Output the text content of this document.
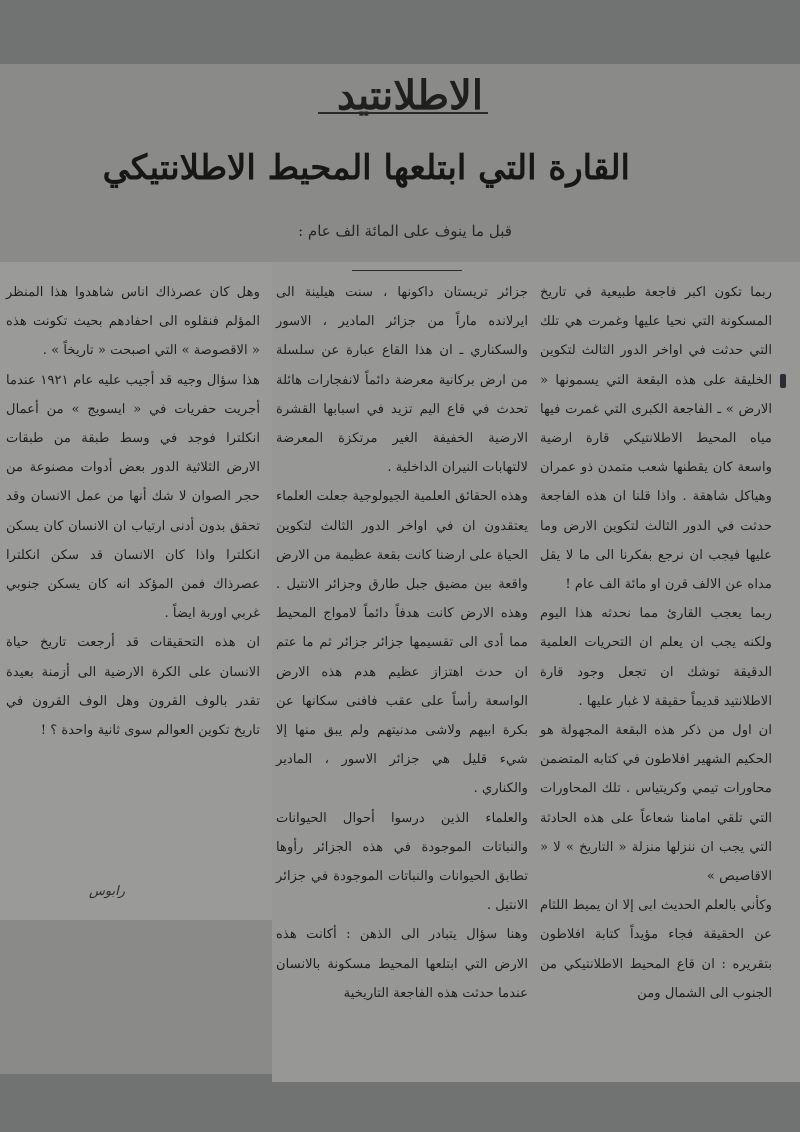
الاطلانتيد
القارة التي ابتلعها المحيط الاطلانتيكي
قبل ما ينوف على المائة الف عام :

ربما تكون اكبر فاجعة طبيعية في تاريخ المسكونة التي نحيا عليها وغمرت هي تلك التي حدثت في اواخر الدور الثالث لتكوين الخليقة على هذه البقعة التي يسمونها « الارض » ـ الفاجعة الكبرى التي غمرت فيها مياه المحيط الاطلانتيكي قارة ارضية واسعة كان يقطنها شعب متمدن ذو عمران وهياكل شاهقة . واذا قلنا ان هذه الفاجعة حدثت في الدور الثالث لتكوين الارض وما عليها فيجب ان نرجع بفكرنا الى ما لا يقل مداه عن الالف قرن او مائة الف عام !

ربما يعجب القارئ مما نحدثه هذا اليوم ولكنه يجب ان يعلم ان التحريات العلمية الدقيقة توشك ان تجعل وجود قارة الاطلانتيد قديماً حقيقة لا غبار عليها .

ان اول من ذكر هذه البقعة المجهولة هو الحكيم الشهير افلاطون في كتابه المتضمن محاورات تيمي وكريتياس . تلك المحاورات التي تلقي امامنا شعاعاً على هذه الحادثة التي يجب ان ننزلها منزلة « التاريخ » لا « الاقاصيص »

وكأني بالعلم الحديث ابى إلا ان يميط اللثام عن الحقيقة فجاء مؤيداً كتابة افلاطون بتقريره : ان قاع المحيط الاطلانتيكي من الجنوب الى الشمال ومن

جزائر تريستان داكونها ، سنت هيلينة الى ايرلانده ماراً من جزائر المادير ، الاسور والسكناري ـ ان هذا القاع عبارة عن سلسلة من ارض بركانية معرضة دائماً لانفجارات هائلة تحدث في قاع اليم تزيد في اسبابها القشرة الارضية الخفيفة الغير مرتكزة المعرضة لالتهابات النيران الداخلية .

وهذه الحقائق العلمية الجيولوجية جعلت العلماء يعتقدون ان في اواخر الدور الثالث لتكوين الحياة على ارضنا كانت بقعة عظيمة من الارض واقعة بين مضيق جبل طارق وجزائر الانتيل . وهذه الارض كانت هدفاً دائماً لامواج المحيط مما أدى الى تقسيمها جزائر جزائر ثم ما عتم ان حدث اهتزاز عظيم هدم هذه الارض الواسعة رأساً على عقب فافنى سكانها عن بكرة ابيهم ولاشى مدنيتهم ولم يبق منها إلا شيء قليل هي جزائر الاسور ، المادير والكناري .

والعلماء الذين درسوا أحوال الحيوانات والنباتات الموجودة في هذه الجزائر رأوها تطابق الحيوانات والنباتات الموجودة في جزائر الانتيل .

وهنا سؤال يتبادر الى الذهن : أكانت هذه الارض التي ابتلعها المحيط مسكونة بالانسان عندما حدثت هذه الفاجعة التاريخية

وهل كان عصرذاك اناس شاهدوا هذا المنظر المؤلم فنقلوه الى احفادهم بحيث تكونت هذه « الاقصوصة » التي اصبحت « تاريخاً » .

هذا سؤال وجيه قد أجيب عليه عام ١٩٢١ عندما أجريت حفريات في « ايسويج » من أعمال انكلترا فوجد في وسط طبقة من طبقات الارض الثلاثية الدور بعض أدوات مصنوعة من حجر الصوان لا شك أنها من عمل الانسان وقد تحقق بدون أدنى ارتياب ان الانسان كان يسكن انكلترا واذا كان الانسان قد سكن انكلترا عصرذاك فمن المؤكد انه كان يسكن جنوبي غربي اوربة ايضاً .

ان هذه التحقيقات قد أرجعت تاريخ حياة الانسان على الكرة الارضية الى أزمنة بعيدة تقدر بالوف القرون وهل الوف القرون في تاريخ تكوين العوالم سوى ثانية واحدة ؟ !

رابوس
